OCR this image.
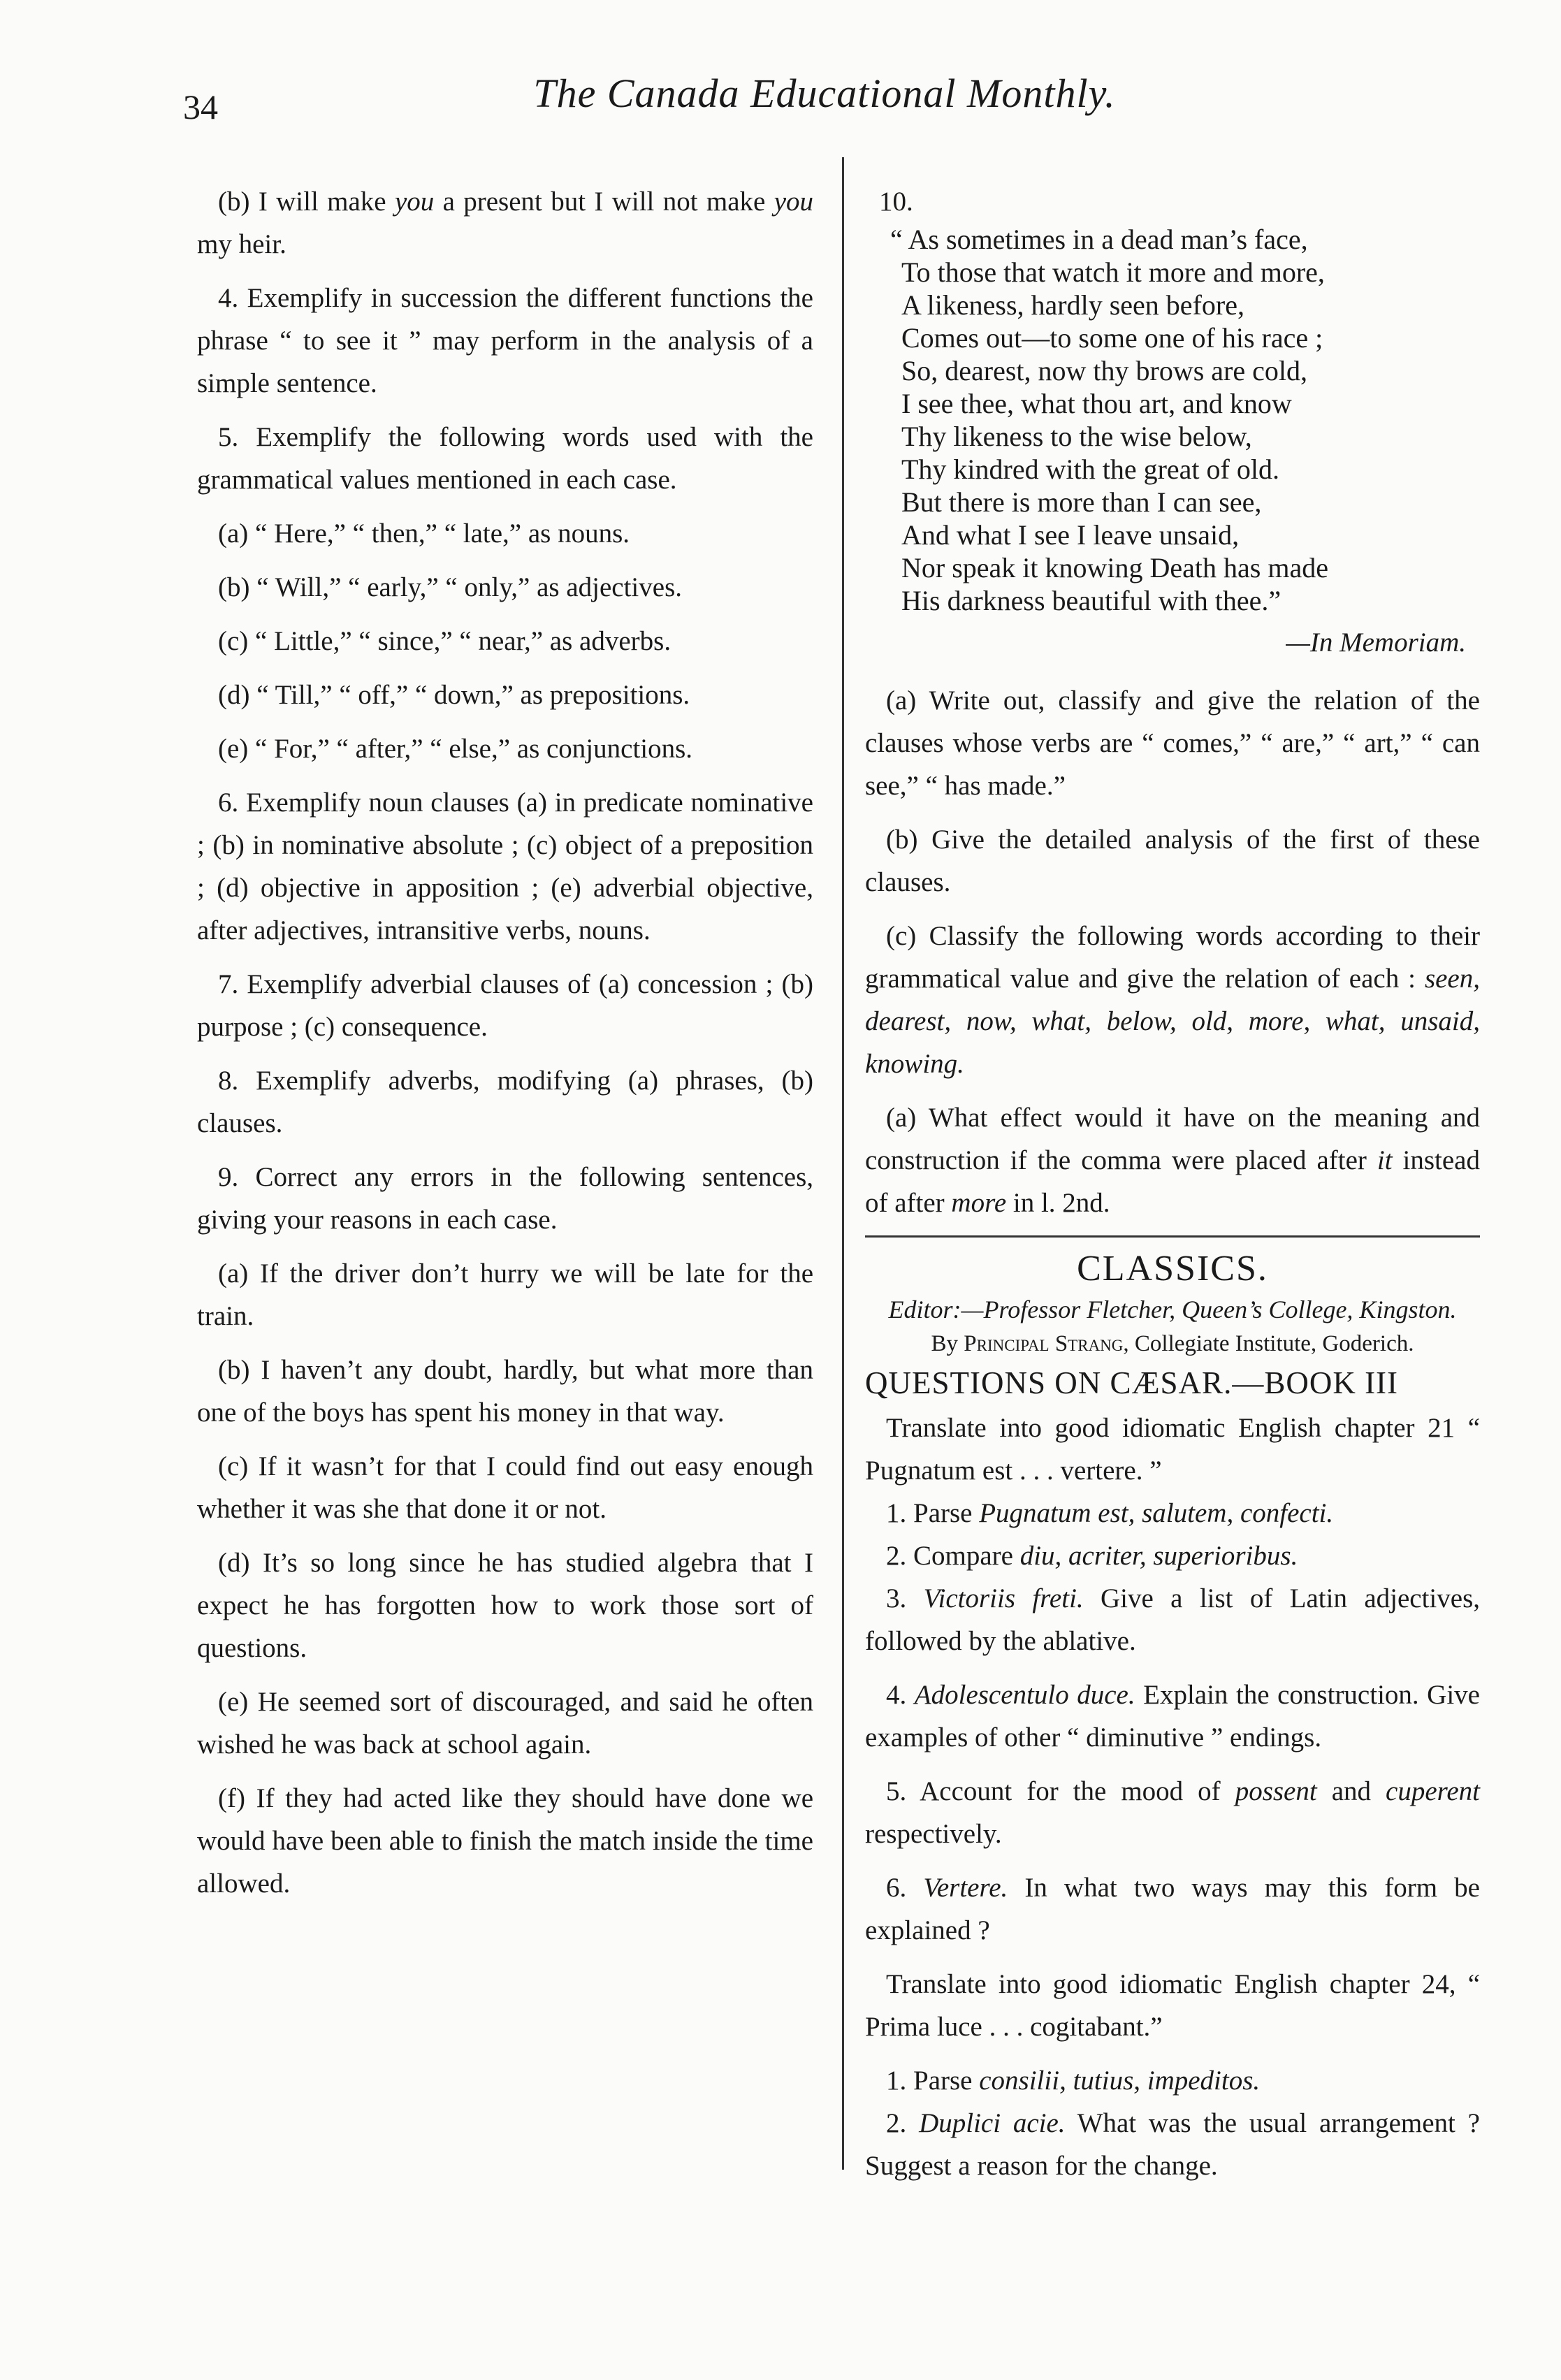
34	The Canada Educational Monthly.

(b) I will make you a present but I will not make you my heir.

4. Exemplify in succession the different functions the phrase “ to see it ” may perform in the analysis of a simple sentence.

5. Exemplify the following words used with the grammatical values mentioned in each case.

(a) “ Here,” “ then,” “ late,” as nouns.

(b) “ Will,” “ early,” “ only,” as adjectives.

(c) “ Little,” “ since,” “ near,” as adverbs.

(d) “ Till,” “ off,” “ down,” as prepositions.

(e) “ For,” “ after,” “ else,” as conjunctions.

6. Exemplify noun clauses (a) in predicate nominative ; (b) in nominative absolute ; (c) object of a preposition ; (d) objective in apposition ; (e) adverbial objective, after adjectives, intransitive verbs, nouns.

7. Exemplify adverbial clauses of (a) concession ; (b) purpose ; (c) consequence.

8. Exemplify adverbs, modifying (a) phrases, (b) clauses.

9. Correct any errors in the following sentences, giving your reasons in each case.

(a) If the driver don’t hurry we will be late for the train.

(b) I haven’t any doubt, hardly, but what more than one of the boys has spent his money in that way.

(c) If it wasn’t for that I could find out easy enough whether it was she that done it or not.

(d) It’s so long since he has studied algebra that I expect he has forgotten how to work those sort of questions.

(e) He seemed sort of discouraged, and said he often wished he was back at school again.

(f) If they had acted like they should have done we would have been able to finish the match inside the time allowed.

10.

“ As sometimes in a dead man’s face,
To those that watch it more and more,
A likeness, hardly seen before,
Comes out—to some one of his race ;
So, dearest, now thy brows are cold,
I see thee, what thou art, and know
Thy likeness to the wise below,
Thy kindred with the great of old.
But there is more than I can see,
And what I see I leave unsaid,
Nor speak it knowing Death has made
His darkness beautiful with thee.”

—In Memoriam.

(a) Write out, classify and give the relation of the clauses whose verbs are “ comes,” “ are,” “ art,” “ can see,” “ has made.”

(b) Give the detailed analysis of the first of these clauses.

(c) Classify the following words according to their grammatical value and give the relation of each : seen, dearest, now, what, below, old, more, what, unsaid, knowing.

(a) What effect would it have on the meaning and construction if the comma were placed after it instead of after more in l. 2nd.

CLASSICS.

Editor:—Professor Fletcher, Queen’s College, Kingston.

By Principal Strang, Collegiate Institute, Goderich.

QUESTIONS ON CÆSAR.—BOOK III

Translate into good idiomatic English chapter 21 “ Pugnatum est . . . vertere. ”

1. Parse Pugnatum est, salutem, confecti.

2. Compare diu, acriter, superioribus.

3. Victoriis freti. Give a list of Latin adjectives, followed by the ablative.

4. Adolescentulo duce. Explain the construction. Give examples of other “ diminutive ” endings.

5. Account for the mood of possent and cuperent respectively.

6. Vertere. In what two ways may this form be explained ?

Translate into good idiomatic English chapter 24, “ Prima luce . . . cogitabant.”

1. Parse consilii, tutius, impeditos.

2. Duplici acie. What was the usual arrangement ? Suggest a reason for the change.
